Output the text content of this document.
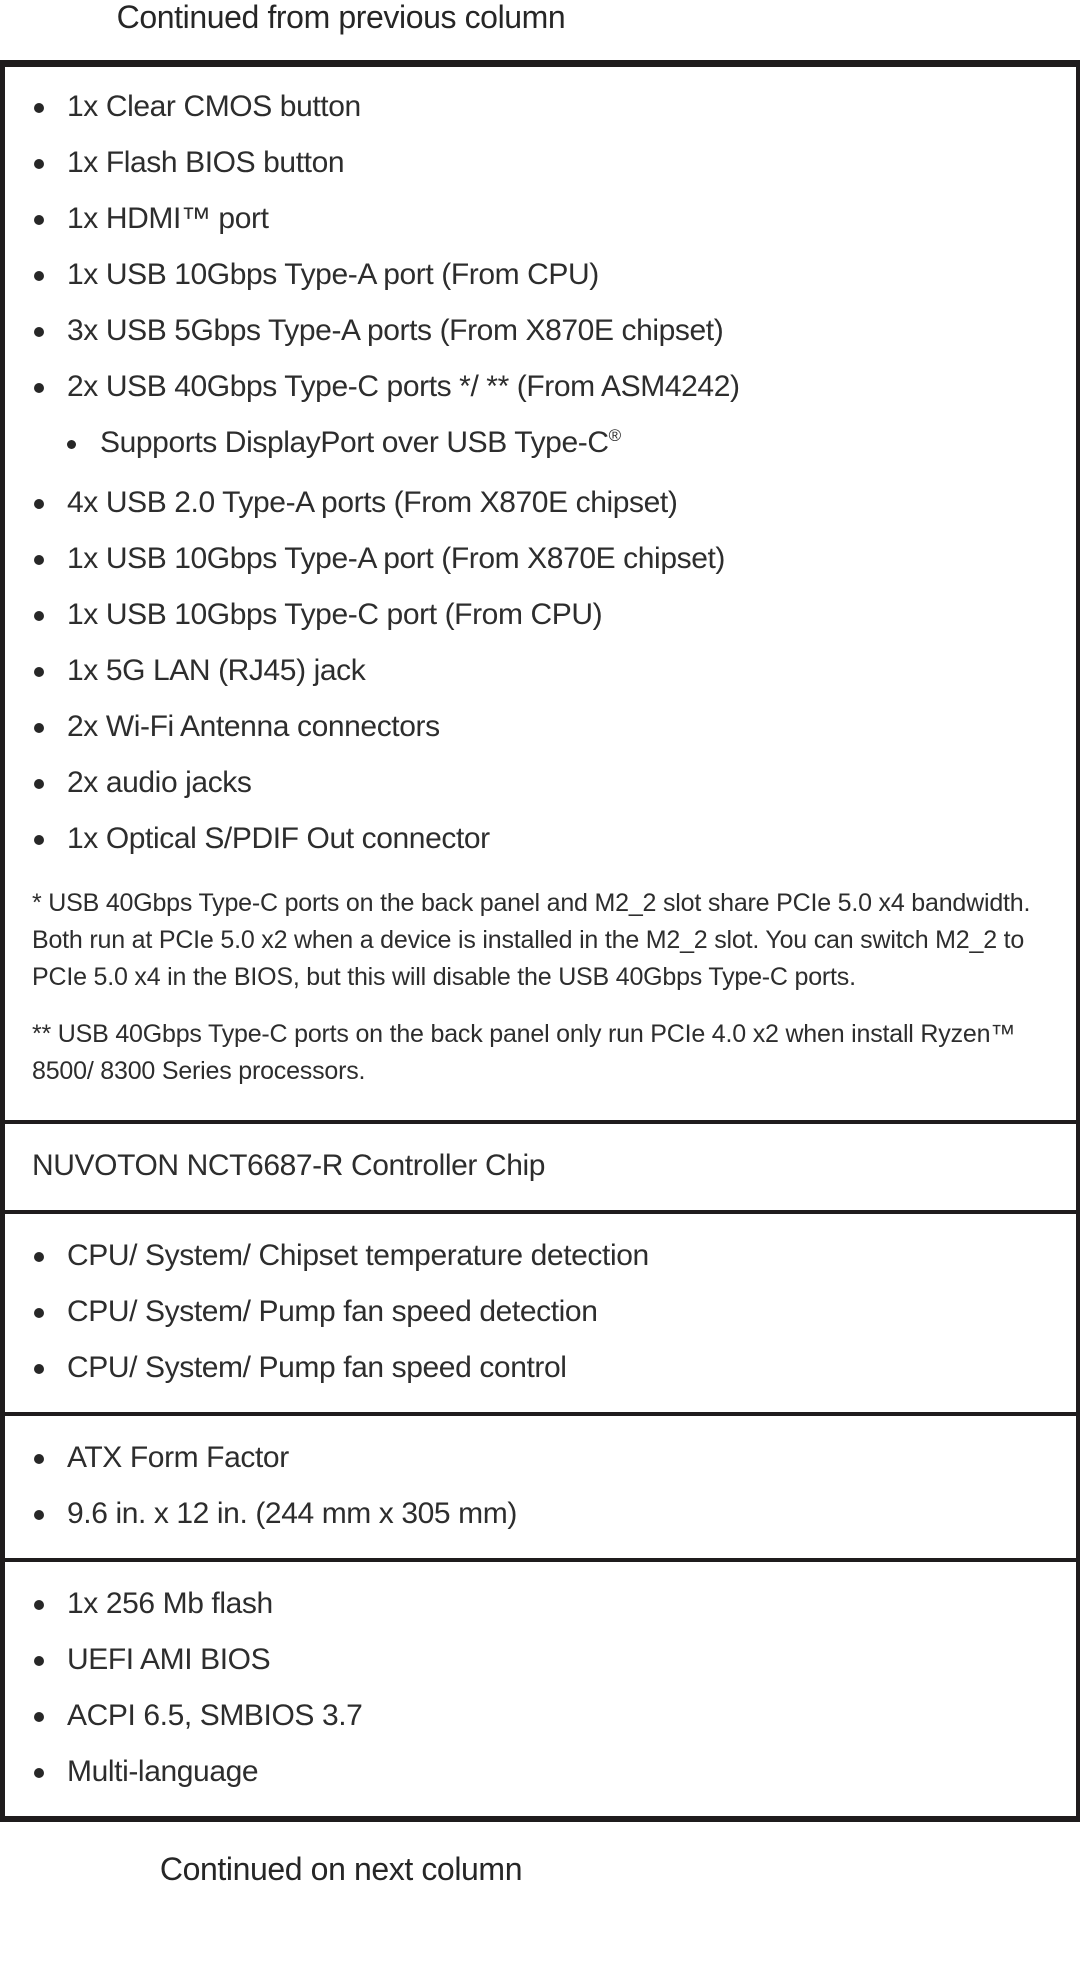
Continued from previous column
1x Clear CMOS button
1x Flash BIOS button
1x HDMI™ port
1x USB 10Gbps Type-A port (From CPU)
3x USB 5Gbps Type-A ports (From X870E chipset)
2x USB 40Gbps Type-C ports */ ** (From ASM4242)
Supports DisplayPort over USB Type-C®
4x USB 2.0 Type-A ports (From X870E chipset)
1x USB 10Gbps Type-A port (From X870E chipset)
1x USB 10Gbps Type-C port (From CPU)
1x 5G LAN (RJ45) jack
2x Wi-Fi Antenna connectors
2x audio jacks
1x Optical S/PDIF Out connector

* USB 40Gbps Type-C ports on the back panel and M2_2 slot share PCIe 5.0 x4 bandwidth. Both run at PCIe 5.0 x2 when a device is installed in the M2_2 slot. You can switch M2_2 to PCIe 5.0 x4 in the BIOS, but this will disable the USB 40Gbps Type-C ports.

** USB 40Gbps Type-C ports on the back panel only run PCIe 4.0 x2 when install Ryzen™ 8500/ 8300 Series processors.

NUVOTON NCT6687-R Controller Chip
CPU/ System/ Chipset temperature detection
CPU/ System/ Pump fan speed detection
CPU/ System/ Pump fan speed control
ATX Form Factor
9.6 in. x 12 in. (244 mm x 305 mm)
1x 256 Mb flash
UEFI AMI BIOS
ACPI 6.5, SMBIOS 3.7
Multi-language
Continued on next column
